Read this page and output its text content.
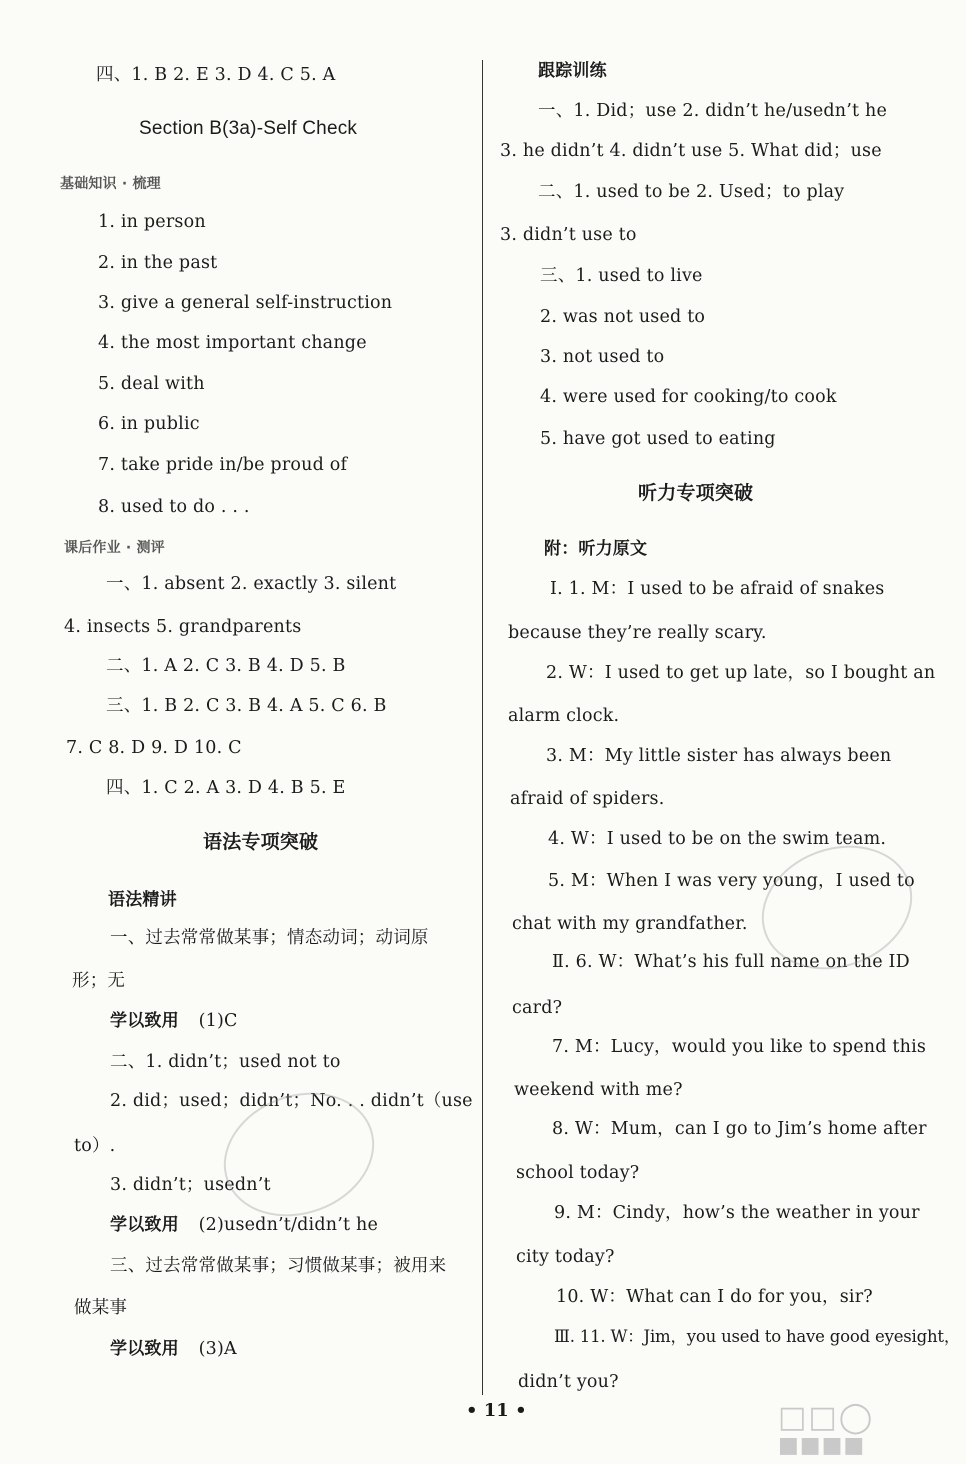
四、1. B 2. E 3. D 4. C 5. A
Section B(3a)-Self Check
基础知识 · 梳理
1. in person
2. in the past
3. give a general self-instruction
4. the most important change
5. deal with
6. in public
7. take pride in/be proud of
8. used to do . . .
课后作业 · 测评
一、1. absent 2. exactly 3. silent
4. insects 5. grandparents
二、1. A 2. C 3. B 4. D 5. B
三、1. B 2. C 3. B 4. A 5. C 6. B
7. C 8. D 9. D 10. C
四、1. C 2. A 3. D 4. B 5. E
语法专项突破
语法精讲
一、过去常常做某事；情态动词；动词原
形；无
学以致用 (1)C
二、1. didn’t；used not to
2. did；used；didn’t；No. . . didn’t（use
to）.
3. didn’t；usedn’t
学以致用 (2)usedn’t/didn’t he
三、过去常常做某事；习惯做某事；被用来
做某事
学以致用 (3)A
跟踪训练
一、1. Did；use 2. didn’t he/usedn’t he
3. he didn’t 4. didn’t use 5. What did；use
二、1. used to be 2. Used；to play
3. didn’t use to
三、1. used to live
2. was not used to
3. not used to
4. were used for cooking/to cook
5. have got used to eating
听力专项突破
附：听力原文
Ⅰ. 1. M：I used to be afraid of snakes
because they’re really scary.
2. W：I used to get up late，so I bought an
alarm clock.
3. M：My little sister has always been
afraid of spiders.
4. W：I used to be on the swim team.
5. M：When I was very young，I used to
chat with my grandfather.
Ⅱ. 6. W：What’s his full name on the ID
card?
7. M：Lucy，would you like to spend this
weekend with me?
8. W：Mum，can I go to Jim’s home after
school today?
9. M：Cindy，how’s the weather in your
city today?
10. W：What can I do for you，sir?
Ⅲ. 11. W：Jim，you used to have good eyesight，
didn’t you?
• 11 •	□□◯
■■■■
